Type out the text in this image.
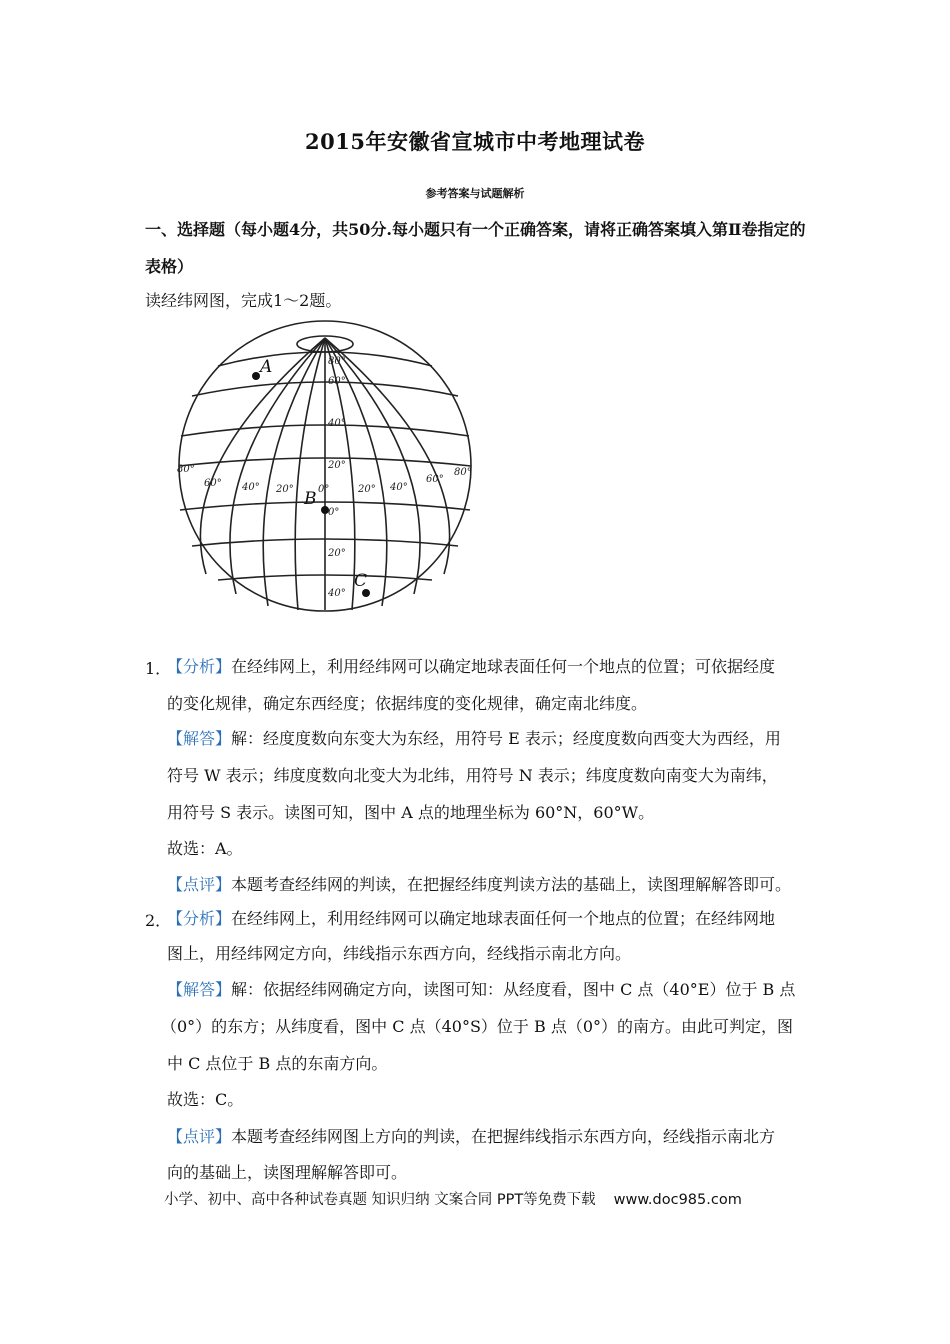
2015年安徽省宣城市中考地理试卷
参考答案与试题解析
一、选择题（每小题4分，共50分.每小题只有一个正确答案，请将正确答案填入第Ⅱ卷指定的表格）
读经纬网图，完成1～2题。
A
B
C
80°
60°
40°
20°
0°
20°
40°
80°
60° 40° 20° 0°	20° 40°
60°
80°
1．
【分析】在经纬网上，利用经纬网可以确定地球表面任何一个地点的位置；可依据经度
的变化规律，确定东西经度；依据纬度的变化规律，确定南北纬度。
【解答】解：经度度数向东变大为东经，用符号 E 表示；经度度数向西变大为西经，用
符号 W 表示；纬度度数向北变大为北纬，用符号 N 表示；纬度度数向南变大为南纬，
用符号 S 表示。读图可知，图中 A 点的地理坐标为 60°N，60°W。
故选：A。
【点评】本题考查经纬网的判读，在把握经纬度判读方法的基础上，读图理解解答即可。
2．
【分析】在经纬网上，利用经纬网可以确定地球表面任何一个地点的位置；在经纬网地
图上，用经纬网定方向，纬线指示东西方向，经线指示南北方向。
【解答】解：依据经纬网确定方向，读图可知：从经度看，图中 C 点（40°E）位于 B 点
（0°）的东方；从纬度看，图中 C 点（40°S）位于 B 点（0°）的南方。由此可判定，图
中 C 点位于 B 点的东南方向。
故选：C。
【点评】本题考查经纬网图上方向的判读，在把握纬线指示东西方向，经线指示南北方
向的基础上，读图理解解答即可。
小学、初中、高中各种试卷真题 知识归纳 文案合同 PPT等免费下载 www.doc985.com
